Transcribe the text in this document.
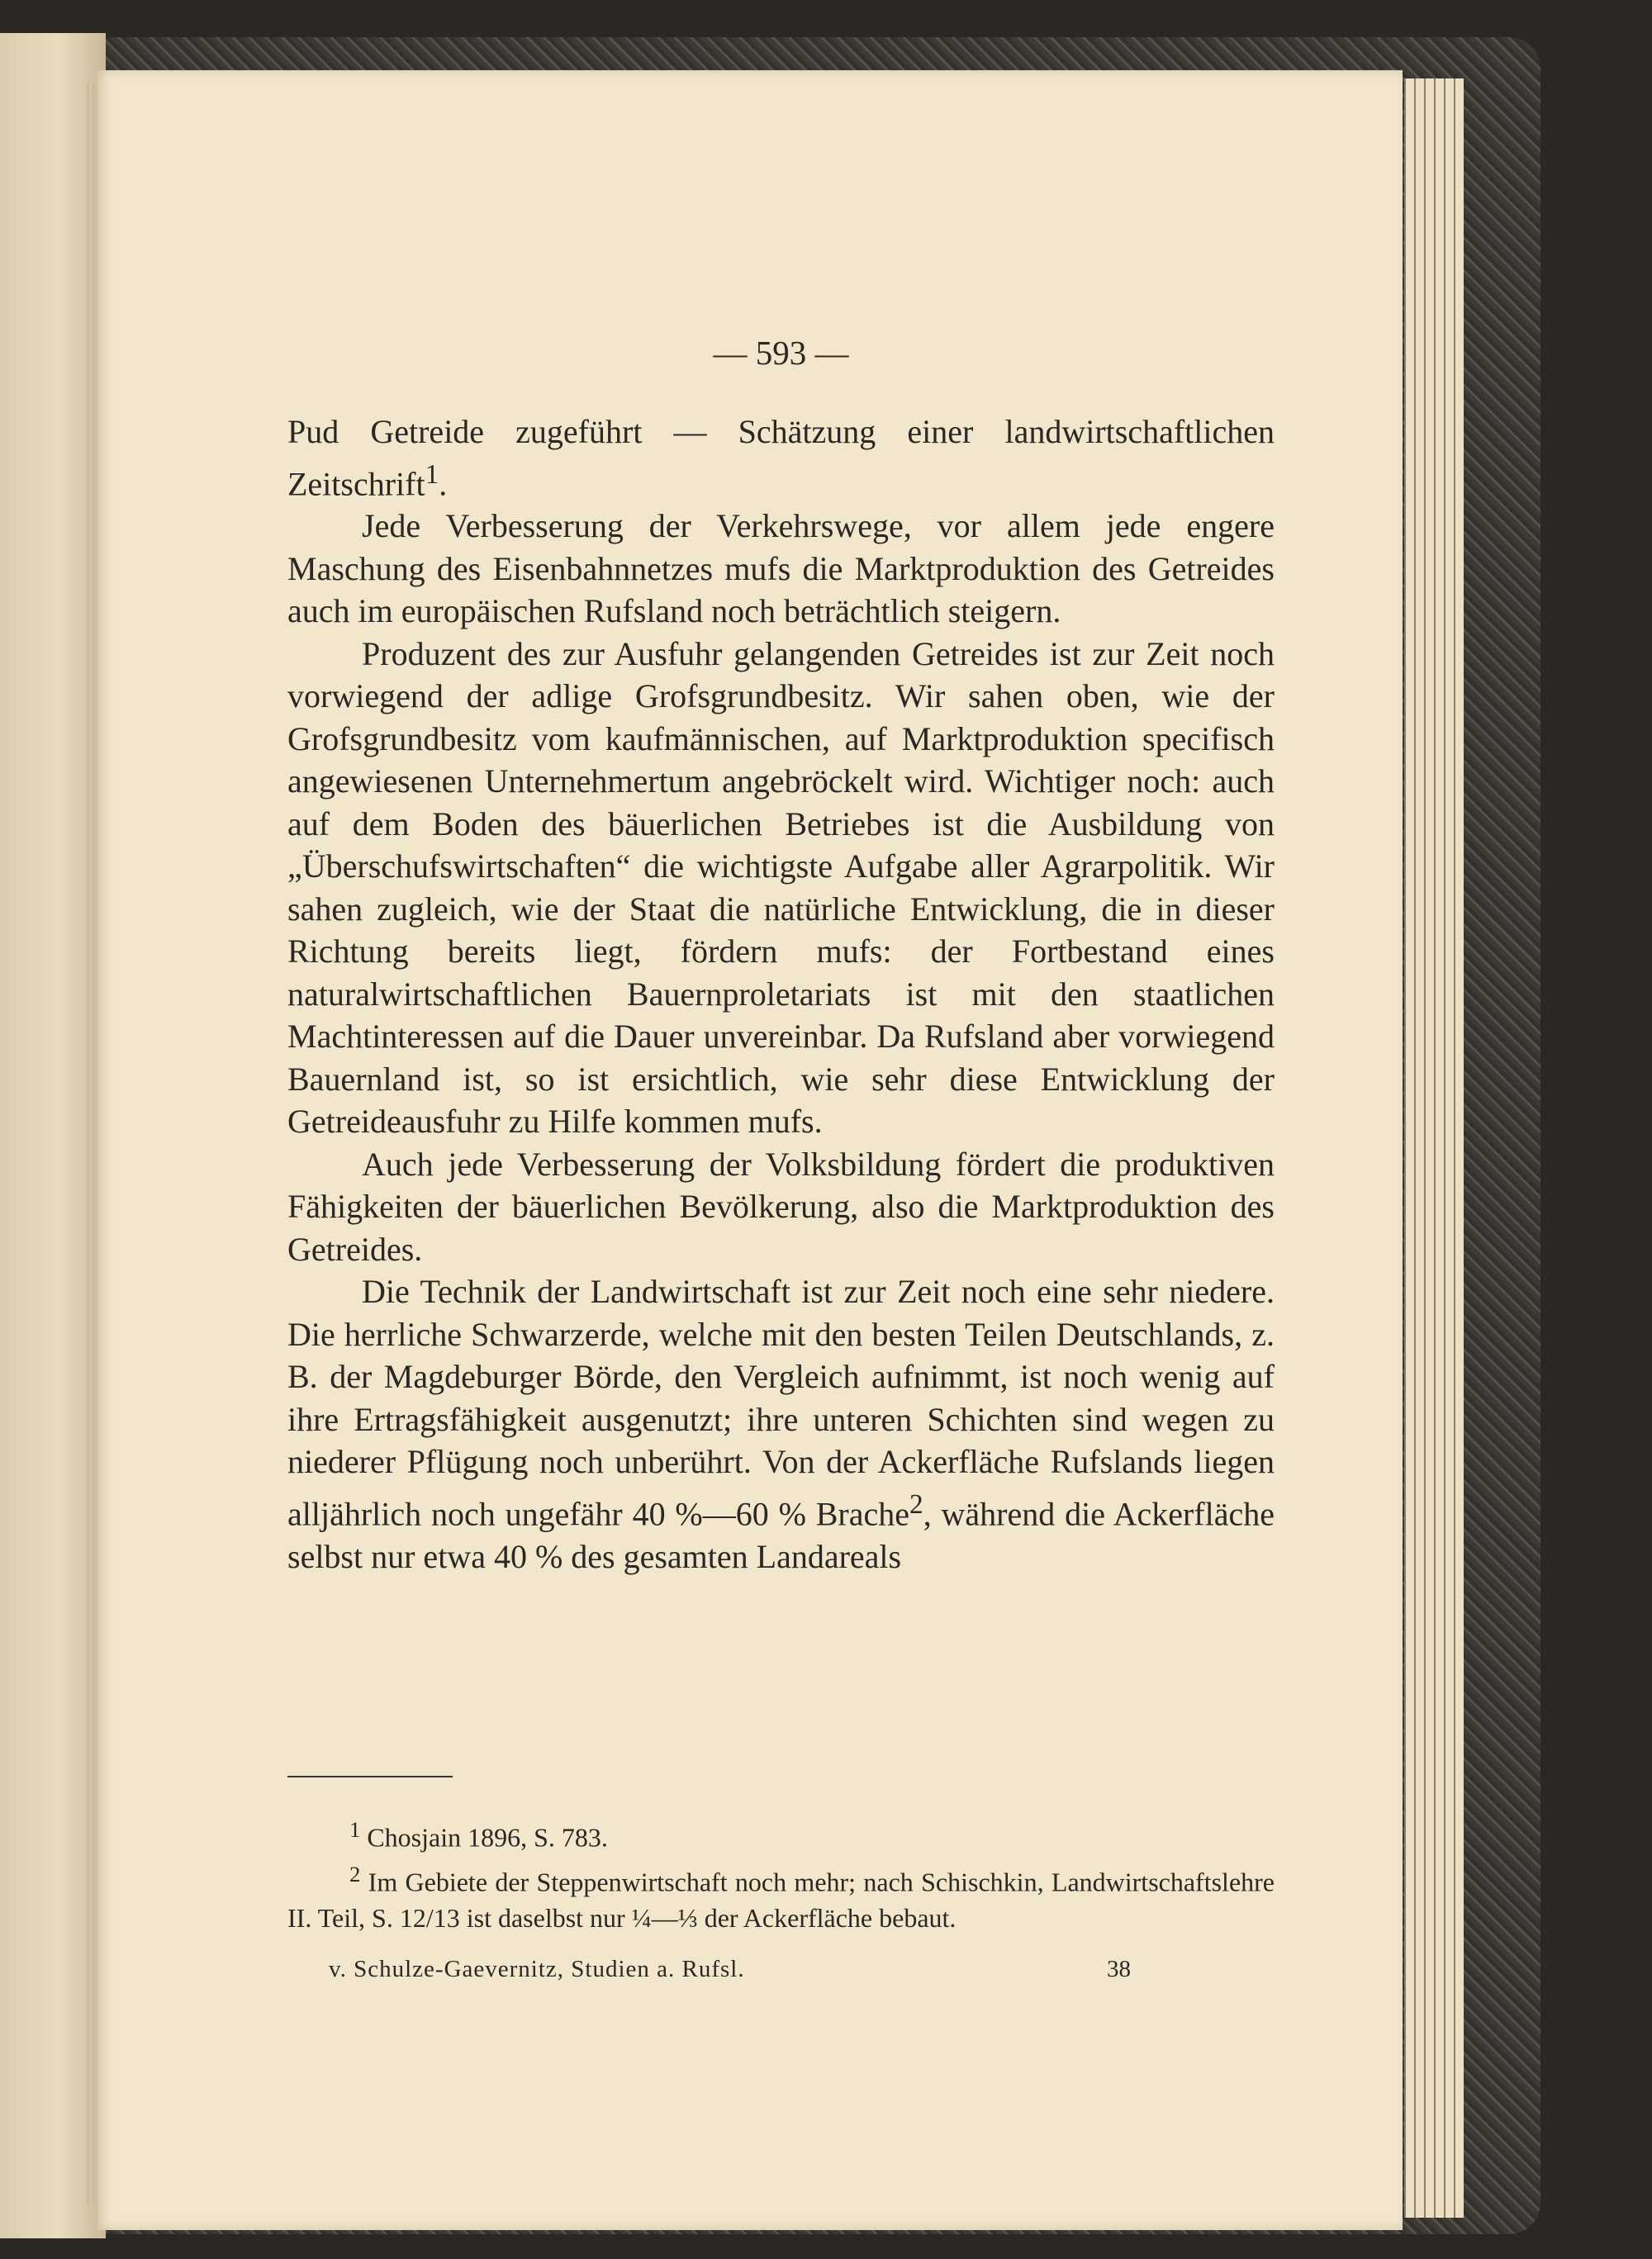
— 593 —

Pud Getreide zugeführt — Schätzung einer landwirtschaftlichen Zeitschrift$^1$.

Jede Verbesserung der Verkehrswege, vor allem jede engere Maschung des Eisenbahnnetzes mufs die Marktproduktion des Getreides auch im europäischen Rufsland noch beträchtlich steigern.

Produzent des zur Ausfuhr gelangenden Getreides ist zur Zeit noch vorwiegend der adlige Grofsgrundbesitz. Wir sahen oben, wie der Grofsgrundbesitz vom kaufmännischen, auf Marktproduktion specifisch angewiesenen Unternehmertum angebröckelt wird. Wichtiger noch: auch auf dem Boden des bäuerlichen Betriebes ist die Ausbildung von „Überschufswirtschaften“ die wichtigste Aufgabe aller Agrarpolitik. Wir sahen zugleich, wie der Staat die natürliche Entwicklung, die in dieser Richtung bereits liegt, fördern mufs: der Fortbestand eines naturalwirtschaftlichen Bauernproletariats ist mit den staatlichen Machtinteressen auf die Dauer unvereinbar. Da Rufsland aber vorwiegend Bauernland ist, so ist ersichtlich, wie sehr diese Entwicklung der Getreideausfuhr zu Hilfe kommen mufs.

Auch jede Verbesserung der Volksbildung fördert die produktiven Fähigkeiten der bäuerlichen Bevölkerung, also die Marktproduktion des Getreides.

Die Technik der Landwirtschaft ist zur Zeit noch eine sehr niedere. Die herrliche Schwarzerde, welche mit den besten Teilen Deutschlands, z. B. der Magdeburger Börde, den Vergleich aufnimmt, ist noch wenig auf ihre Ertragsfähigkeit ausgenutzt; ihre unteren Schichten sind wegen zu niederer Pflügung noch unberührt. Von der Ackerfläche Rufslands liegen alljährlich noch ungefähr 40 %—60 % Brache$^2$, während die Ackerfläche selbst nur etwa 40 % des gesamten Landareals

$^1$ Chosjain 1896, S. 783.

$^2$ Im Gebiete der Steppenwirtschaft noch mehr; nach Schischkin, Landwirtschaftslehre II. Teil, S. 12/13 ist daselbst nur ¼—⅓ der Ackerfläche bebaut.

v. Schulze-Gaevernitz, Studien a. Rufsl.	38
